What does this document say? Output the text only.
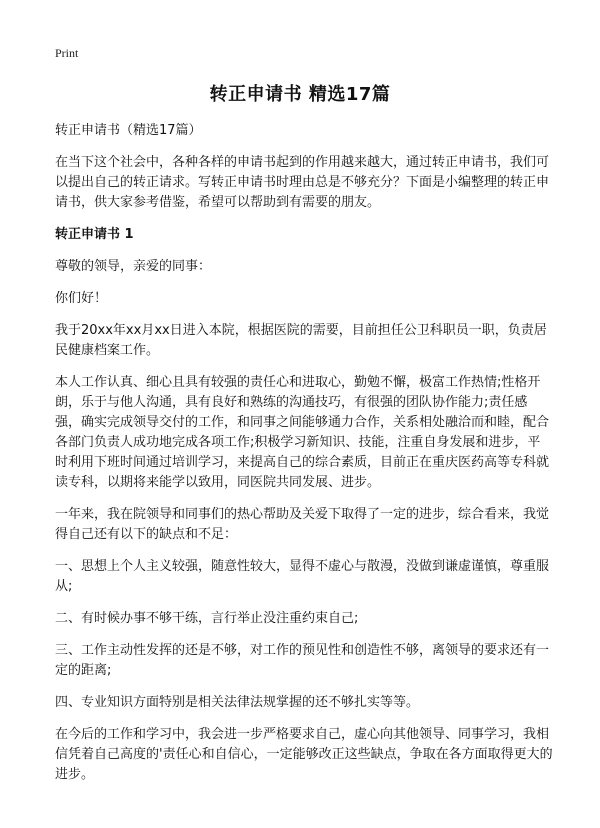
Print
转正申请书 精选17篇

转正申请书（精选17篇）

在当下这个社会中，各种各样的申请书起到的作用越来越大，通过转正申请书，我们可以提出自己的转正请求。写转正申请书时理由总是不够充分？下面是小编整理的转正申请书，供大家参考借鉴，希望可以帮助到有需要的朋友。

转正申请书 1

尊敬的领导，亲爱的同事：

你们好！

我于20xx年xx月xx日进入本院，根据医院的需要，目前担任公卫科职员一职，负责居民健康档案工作。

本人工作认真、细心且具有较强的责任心和进取心，勤勉不懈，极富工作热情;性格开朗，乐于与他人沟通，具有良好和熟练的沟通技巧，有很强的团队协作能力;责任感强，确实完成领导交付的工作，和同事之间能够通力合作，关系相处融洽而和睦，配合各部门负责人成功地完成各项工作;积极学习新知识、技能，注重自身发展和进步，平时利用下班时间通过培训学习，来提高自己的综合素质，目前正在重庆医药高等专科就读专科，以期将来能学以致用，同医院共同发展、进步。

一年来，我在院领导和同事们的热心帮助及关爱下取得了一定的进步，综合看来，我觉得自己还有以下的缺点和不足：

一、思想上个人主义较强，随意性较大，显得不虚心与散漫，没做到谦虚谨慎，尊重服从;

二、有时候办事不够干练，言行举止没注重约束自己;

三、工作主动性发挥的还是不够，对工作的预见性和创造性不够，离领导的要求还有一定的距离;

四、专业知识方面特别是相关法律法规掌握的还不够扎实等等。

在今后的工作和学习中，我会进一步严格要求自己，虚心向其他领导、同事学习，我相信凭着自己高度的'责任心和自信心，一定能够改正这些缺点，争取在各方面取得更大的进步。
